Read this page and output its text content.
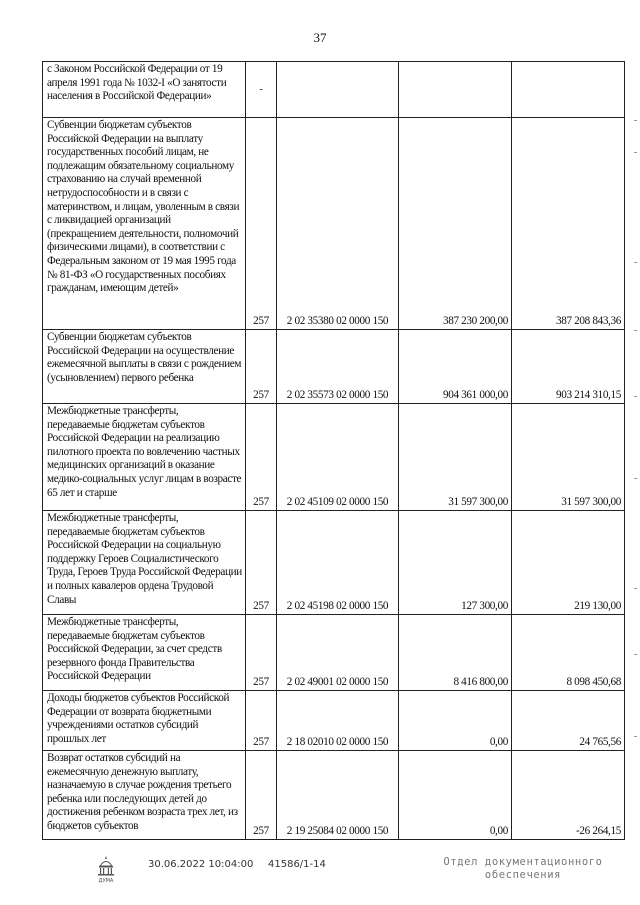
37
с Законом Российской Федерации от 19 апреля 1991 года № 1032-I «О занятости населения в Российской Федерации»	-			
Субвенции бюджетам субъектов Российской Федерации на выплату государственных пособий лицам, не подлежащим обязательному социальному страхованию на случай временной нетрудоспособности и в связи с материнством, и лицам, уволенным в связи с ликвидацией организаций (прекращением деятельности, полномочий физическими лицами), в соответствии с Федеральным законом от 19 мая 1995 года № 81-ФЗ «О государственных пособиях гражданам, имеющим детей»	257	2 02 35380 02 0000 150	387 230 200,00	387 208 843,36
Субвенции бюджетам субъектов Российской Федерации на осуществление ежемесячной выплаты в связи с рождением (усыновлением) первого ребенка	257	2 02 35573 02 0000 150	904 361 000,00	903 214 310,15
Межбюджетные трансферты, передаваемые бюджетам субъектов Российской Федерации на реализацию пилотного проекта по вовлечению частных медицинских организаций в оказание медико-социальных услуг лицам в возрасте 65 лет и старше	257	2 02 45109 02 0000 150	31 597 300,00	31 597 300,00
Межбюджетные трансферты, передаваемые бюджетам субъектов Российской Федерации на социальную поддержку Героев Социалистического Труда, Героев Труда Российской Федерации и полных кавалеров ордена Трудовой Славы	257	2 02 45198 02 0000 150	127 300,00	219 130,00
Межбюджетные трансферты, передаваемые бюджетам субъектов Российской Федерации, за счет средств резервного фонда Правительства Российской Федерации	257	2 02 49001 02 0000 150	8 416 800,00	8 098 450,68
Доходы бюджетов субъектов Российской Федерации от возврата бюджетными учреждениями остатков субсидий прошлых лет	257	2 18 02010 02 0000 150	0,00	24 765,56
Возврат остатков субсидий на ежемесячную денежную выплату, назначаемую в случае рождения третьего ребенка или последующих детей до достижения ребенком возраста трех лет, из бюджетов субъектов	257	2 19 25084 02 0000 150	0,00	-26 264,15
ДУМА
30.06.2022 10:04:00 41586/1-14	Отдел документационного
обеспечения
